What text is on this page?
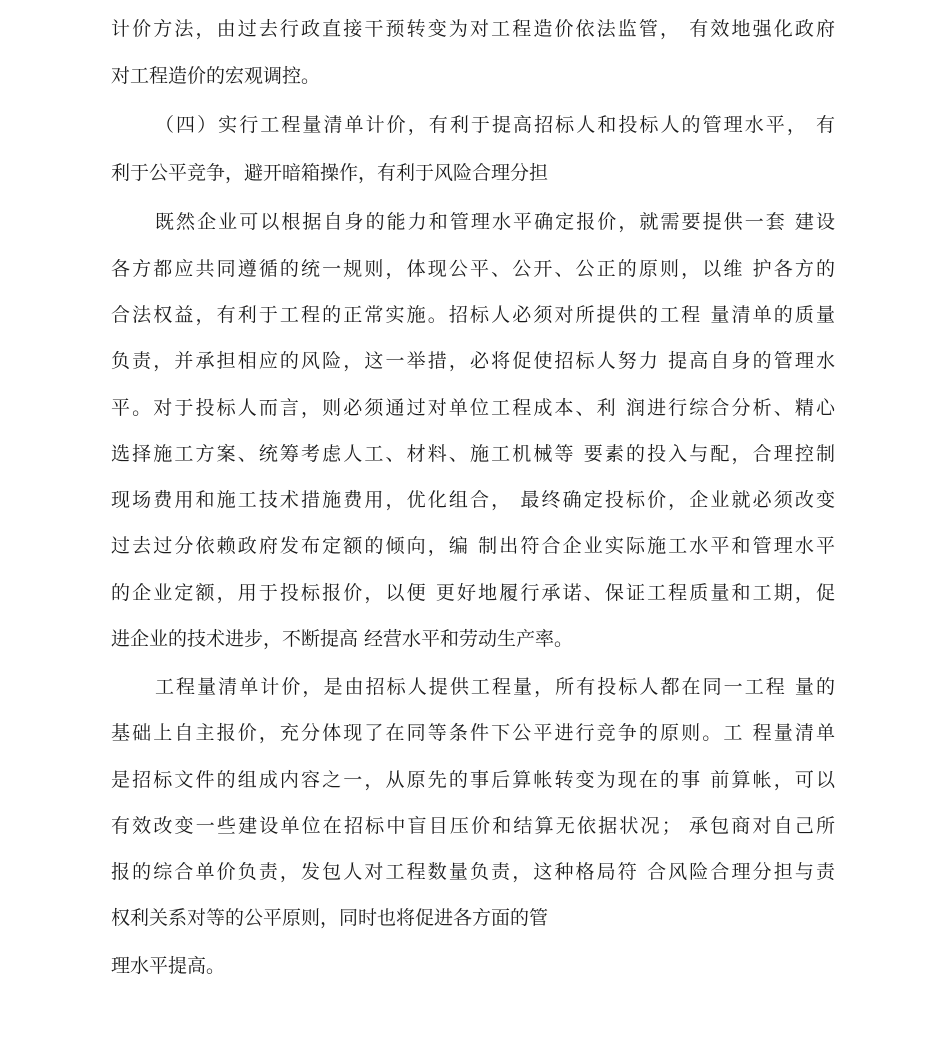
计价方法，由过去行政直接干预转变为对工程造价依法监管， 有效地强化政府
对工程造价的宏观调控。
（四）实行工程量清单计价，有利于提高招标人和投标人的管理水平， 有
利于公平竞争，避开暗箱操作，有利于风险合理分担
既然企业可以根据自身的能力和管理水平确定报价，就需要提供一套 建设
各方都应共同遵循的统一规则，体现公平、公开、公正的原则，以维 护各方的
合法权益，有利于工程的正常实施。招标人必须对所提供的工程 量清单的质量
负责，并承担相应的风险，这一举措，必将促使招标人努力 提高自身的管理水
平。对于投标人而言，则必须通过对单位工程成本、利 润进行综合分析、精心
选择施工方案、统筹考虑人工、材料、施工机械等 要素的投入与配，合理控制
现场费用和施工技术措施费用，优化组合， 最终确定投标价，企业就必须改变
过去过分依赖政府发布定额的倾向，编 制出符合企业实际施工水平和管理水平
的企业定额，用于投标报价，以便 更好地履行承诺、保证工程质量和工期，促
进企业的技术进步，不断提高 经营水平和劳动生产率。
工程量清单计价，是由招标人提供工程量，所有投标人都在同一工程 量的
基础上自主报价，充分体现了在同等条件下公平进行竞争的原则。工 程量清单
是招标文件的组成内容之一，从原先的事后算帐转变为现在的事 前算帐，可以
有效改变一些建设单位在招标中盲目压价和结算无依据状况； 承包商对自己所
报的综合单价负责，发包人对工程数量负责，这种格局符 合风险合理分担与责
权利关系对等的公平原则，同时也将促进各方面的管
理水平提高。
